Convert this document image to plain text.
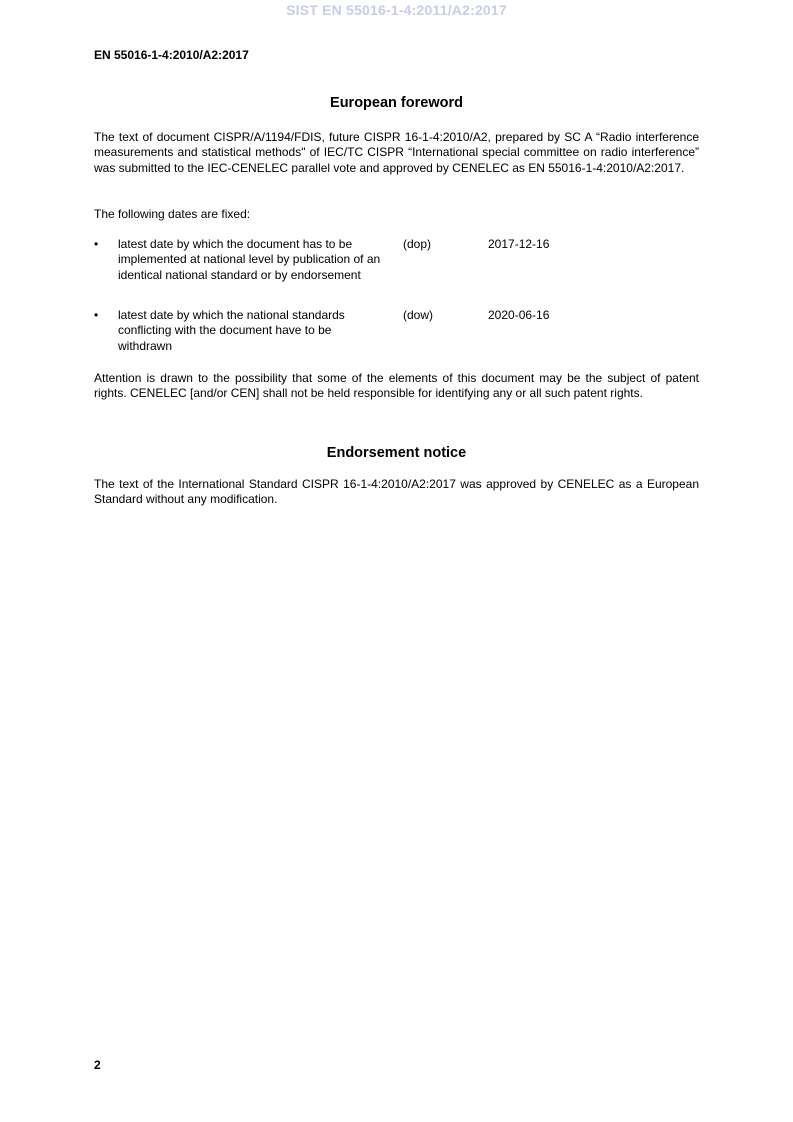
SIST EN 55016-1-4:2011/A2:2017
EN 55016-1-4:2010/A2:2017
European foreword
The text of document CISPR/A/1194/FDIS, future CISPR 16-1-4:2010/A2, prepared by SC A “Radio interference measurements and statistical methods" of IEC/TC CISPR “International special committee on radio interference” was submitted to the IEC-CENELEC parallel vote and approved by CENELEC as EN 55016-1-4:2010/A2:2017.
The following dates are fixed:
• latest date by which the document has to be implemented at national level by publication of an identical national standard or by endorsement
(dop)	2017-12-16
• latest date by which the national standards conflicting with the document have to be withdrawn
(dow)	2020-06-16
Attention is drawn to the possibility that some of the elements of this document may be the subject of patent rights. CENELEC [and/or CEN] shall not be held responsible for identifying any or all such patent rights.
Endorsement notice
The text of the International Standard CISPR 16-1-4:2010/A2:2017 was approved by CENELEC as a European Standard without any modification.
2
